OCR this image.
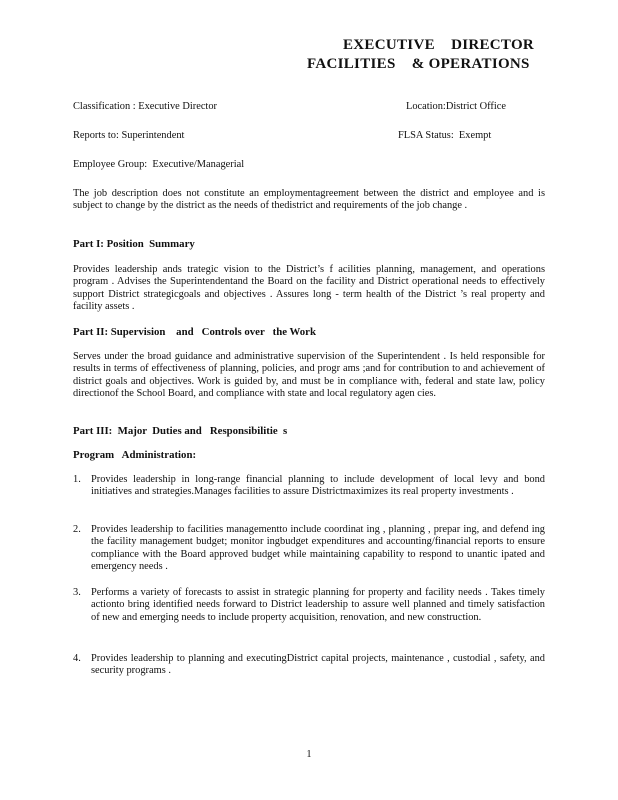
EXECUTIVE    DIRECTOR
FACILITIES    & OPERATIONS
Classification : Executive Director	Location:District Office
Reports to: Superintendent	FLSA Status:  Exempt
Employee Group:  Executive/Managerial
The job description does not constitute an employmentagreement between the district and employee and is subject to change by the district as the needs of thedistrict and requirements of the job change .
Part I: Position  Summary
Provides leadership ands trategic vision to the District’s f acilities planning, management, and operations program . Advises the Superintendentand the Board on the facility and District operational needs to effectively support District strategicgoals and objectives . Assures long - term health of the District ’s real property and facility assets .
Part II: Supervision    and   Controls over   the Work
Serves under the broad guidance and administrative supervision of the Superintendent . Is held responsible for results in terms of effectiveness of planning, policies, and progr ams ;and for contribution to and achievement of district goals and objectives. Work is guided by, and must be in compliance with, federal and state law, policy directionof the School Board, and compliance with state and local regulatory agen cies.
Part III:  Major  Duties and   Responsibilitie  s
Program   Administration:
1. Provides leadership in long-range financial planning to include development of local levy and bond initiatives and strategies.Manages facilities to assure Districtmaximizes its real property investments .
2. Provides leadership to facilities managementto include coordinat ing , planning , prepar ing, and defend ing the facility management budget; monitor ingbudget expenditures and accounting/financial reports to ensure compliance with the Board approved budget while maintaining capability to respond to unantic ipated and emergency needs .
3. Performs a variety of forecasts to assist in strategic planning for property and facility needs . Takes timely actionto bring identified needs forward to District leadership to assure well planned and timely satisfaction of new and emerging needs to include property acquisition, renovation, and new construction.
4. Provides leadership to planning and executingDistrict capital projects, maintenance , custodial , safety, and security programs .
1
